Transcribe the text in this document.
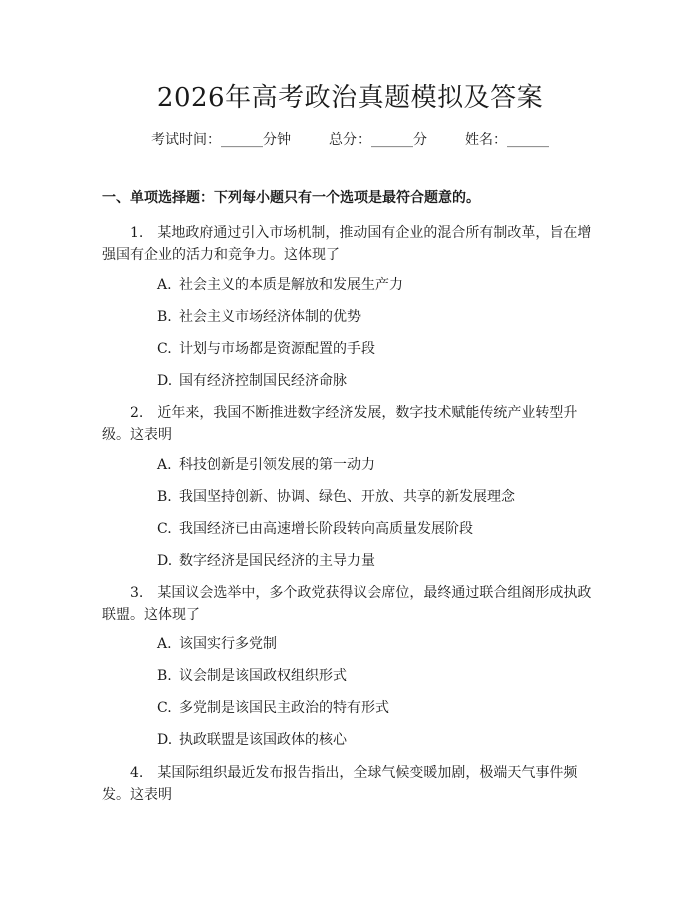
2026年高考政治真题模拟及答案
考试时间：______分钟	总分：______分	姓名：______
一、单项选择题：下列每小题只有一个选项是最符合题意的。

1. 某地政府通过引入市场机制，推动国有企业的混合所有制改革，旨在增强国有企业的活力和竞争力。这体现了

A. 社会主义的本质是解放和发展生产力
B. 社会主义市场经济体制的优势
C. 计划与市场都是资源配置的手段
D. 国有经济控制国民经济命脉

2. 近年来，我国不断推进数字经济发展，数字技术赋能传统产业转型升级。这表明

A. 科技创新是引领发展的第一动力
B. 我国坚持创新、协调、绿色、开放、共享的新发展理念
C. 我国经济已由高速增长阶段转向高质量发展阶段
D. 数字经济是国民经济的主导力量

3. 某国议会选举中，多个政党获得议会席位，最终通过联合组阁形成执政联盟。这体现了

A. 该国实行多党制
B. 议会制是该国政权组织形式
C. 多党制是该国民主政治的特有形式
D. 执政联盟是该国政体的核心

4. 某国际组织最近发布报告指出，全球气候变暖加剧，极端天气事件频发。这表明
